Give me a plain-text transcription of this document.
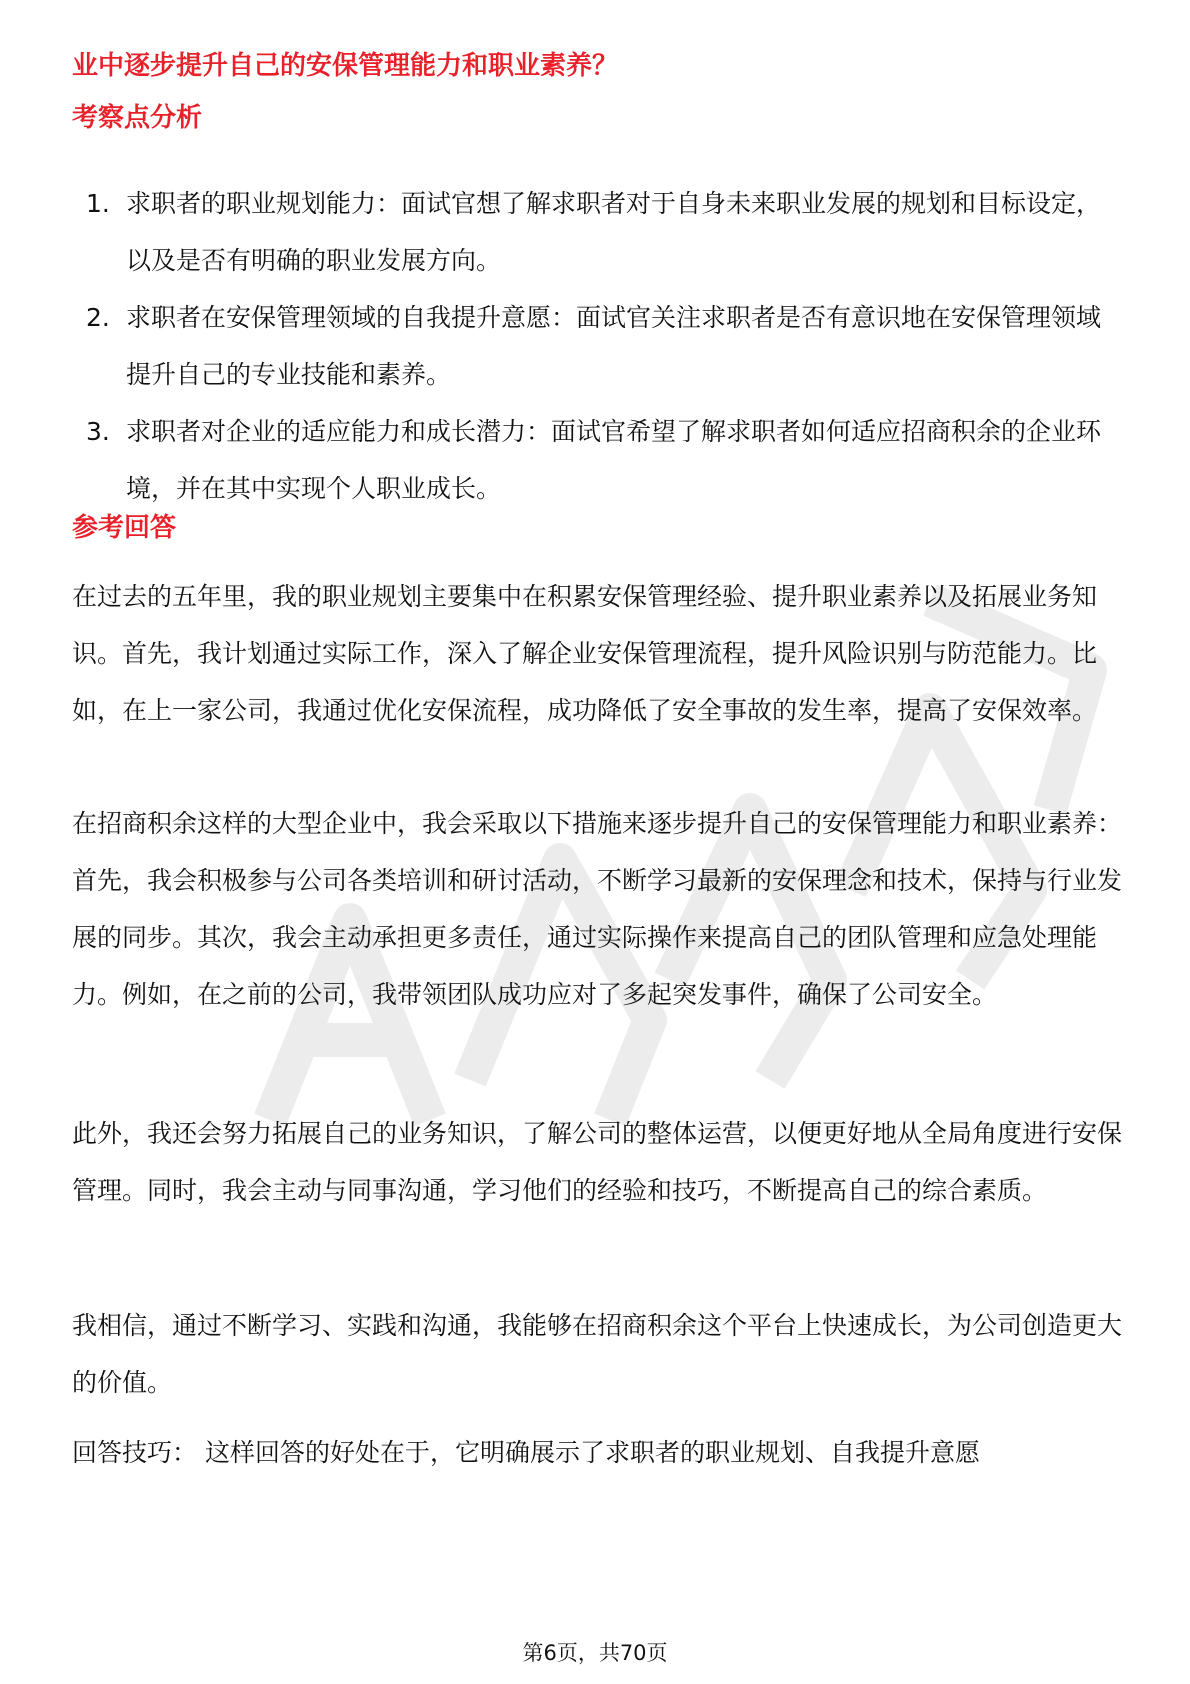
业中逐步提升自己的安保管理能力和职业素养？
考察点分析
1. 求职者的职业规划能力：面试官想了解求职者对于自身未来职业发展的规划和目标设定，以及是否有明确的职业发展方向。
2. 求职者在安保管理领域的自我提升意愿：面试官关注求职者是否有意识地在安保管理领域提升自己的专业技能和素养。
3. 求职者对企业的适应能力和成长潜力：面试官希望了解求职者如何适应招商积余的企业环境，并在其中实现个人职业成长。
参考回答

在过去的五年里，我的职业规划主要集中在积累安保管理经验、提升职业素养以及拓展业务知识。首先，我计划通过实际工作，深入了解企业安保管理流程，提升风险识别与防范能力。比如，在上一家公司，我通过优化安保流程，成功降低了安全事故的发生率，提高了安保效率。

在招商积余这样的大型企业中，我会采取以下措施来逐步提升自己的安保管理能力和职业素养：首先，我会积极参与公司各类培训和研讨活动，不断学习最新的安保理念和技术，保持与行业发展的同步。其次，我会主动承担更多责任，通过实际操作来提高自己的团队管理和应急处理能力。例如，在之前的公司，我带领团队成功应对了多起突发事件，确保了公司安全。

此外，我还会努力拓展自己的业务知识，了解公司的整体运营，以便更好地从全局角度进行安保管理。同时，我会主动与同事沟通，学习他们的经验和技巧，不断提高自己的综合素质。

我相信，通过不断学习、实践和沟通，我能够在招商积余这个平台上快速成长，为公司创造更大的价值。

回答技巧： 这样回答的好处在于，它明确展示了求职者的职业规划、自我提升意愿

第6页，共70页
